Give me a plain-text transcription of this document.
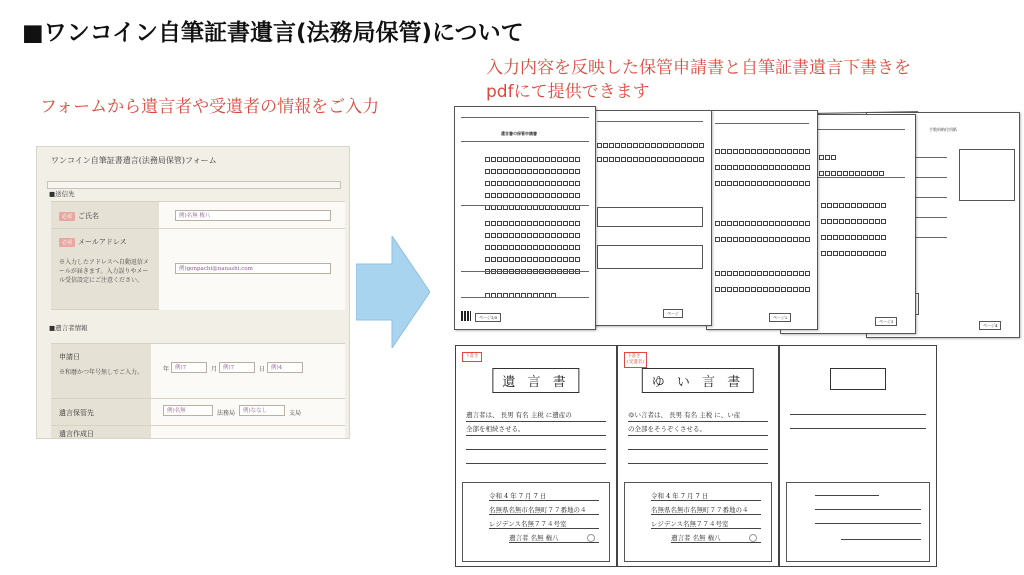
■ワンコイン自筆証書遺言(法務局保管)について
フォームから遺言者や受遺者の情報をご入力
入力内容を反映した保管申請書と自筆証書遺言下書きを
pdfにて提供できます
ワンコイン自筆証書遺言(法務局保管)フォーム
■送信先
必須 ご氏名	例)名無 権八
必須 メールアドレス
※入力したアドレスへ自動返信メールが届きます。入力誤りやメール受信設定にご注意ください。
例)gonpachi@nanashi.com
■遺言者情報
申請日
※和暦かつ年号無しでご入力。	年	例)7	月	例)7	日	例)4
遺言保管先	例)名無	法務局	例)ななし	支局
遺言作成日
手数料納付用紙
ページ4
ページ3
ページ2
ページ
遺言書の保管申請書
ページ1/5
下書き
遺 言 書
遺言者は、 長男 有名 主税 に遺産の
全部を相続させる。
令和 4 年 7 月 7 日
名無県名無市名無町７７番地の４
レジデンス名無７７４号室
遺言者 名無 権八
下書き
(受遺者)
ゆ い 言 書
ゆい言者は、 長男 有名 主税 に、い産
の全部をそうぞくさせる。
令和 4 年 7 月 7 日
名無県名無市名無町７７番地の４
レジデンス名無７７４号室
遺言者 名無 権八
